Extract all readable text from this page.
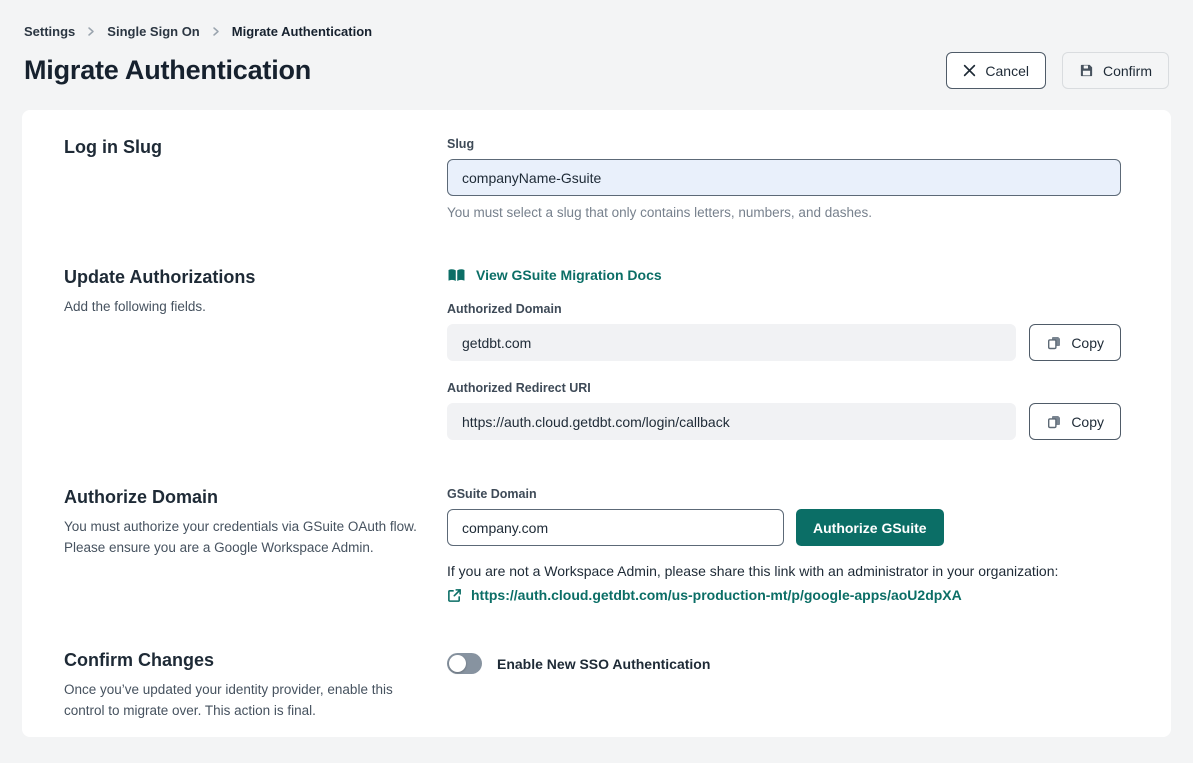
Settings Single Sign On Migrate Authentication
Migrate Authentication	Cancel	Confirm
Log in Slug	Slug
companyName-Gsuite
You must select a slug that only contains letters, numbers, and dashes.
Update Authorizations

Add the following fields.

View GSuite Migration Docs
Authorized Domain
getdbt.com
Copy
Authorized Redirect URI
https://auth.cloud.getdbt.com/login/callback
Copy
Authorize Domain

You must authorize your credentials via GSuite OAuth flow. Please ensure you are a Google Workspace Admin.

GSuite Domain
company.com
Authorize GSuite
If you are not a Workspace Admin, please share this link with an administrator in your organization:
https://auth.cloud.getdbt.com/us-production-mt/p/google-apps/aoU2dpXA
Confirm Changes

Once you’ve updated your identity provider, enable this control to migrate over. This action is final.

Enable New SSO Authentication
